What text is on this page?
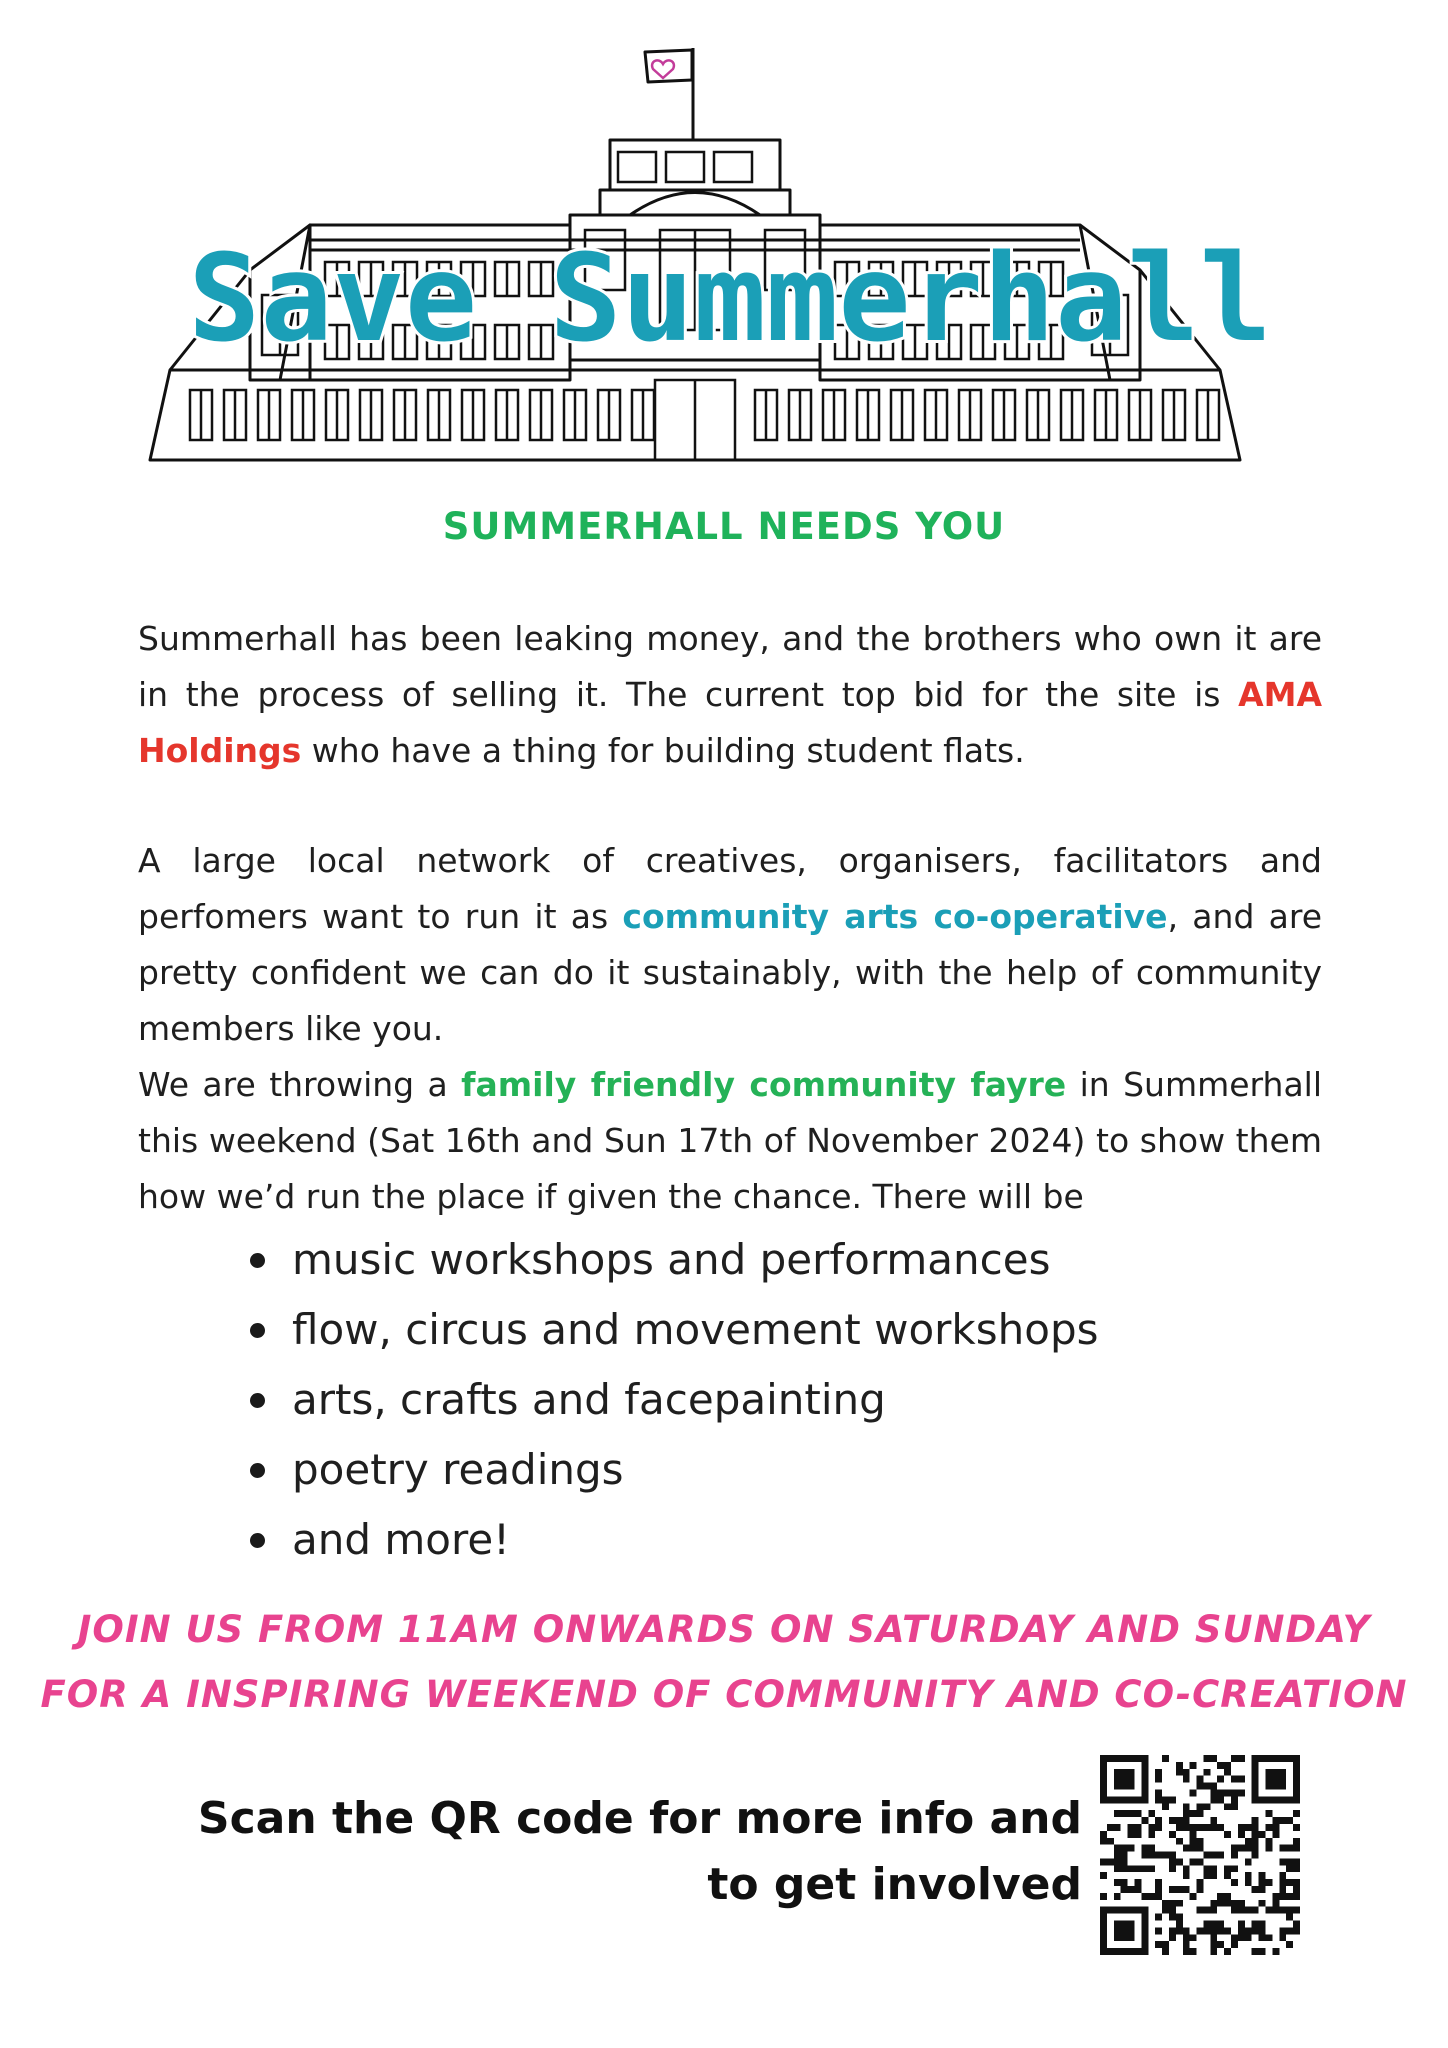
Save Summerhall
SUMMERHALL NEEDS YOU

Summerhall has been leaking money, and the brothers who own it are in the process of selling it. The current top bid for the site is AMA Holdings who have a thing for building student flats.

A large local network of creatives, organisers, facilitators and perfomers want to run it as community arts co-operative, and are pretty confident we can do it sustainably, with the help of community members like you.

We are throwing a family friendly community fayre in Summerhall this weekend (Sat 16th and Sun 17th of November 2024) to show them how we’d run the place if given the chance. There will be

music workshops and performances
flow, circus and movement workshops
arts, crafts and facepainting
poetry readings
and more!
JOIN US FROM 11AM ONWARDS ON SATURDAY AND SUNDAY
FOR A INSPIRING WEEKEND OF COMMUNITY AND CO-CREATION
Scan the QR code for more info and
to get involved
